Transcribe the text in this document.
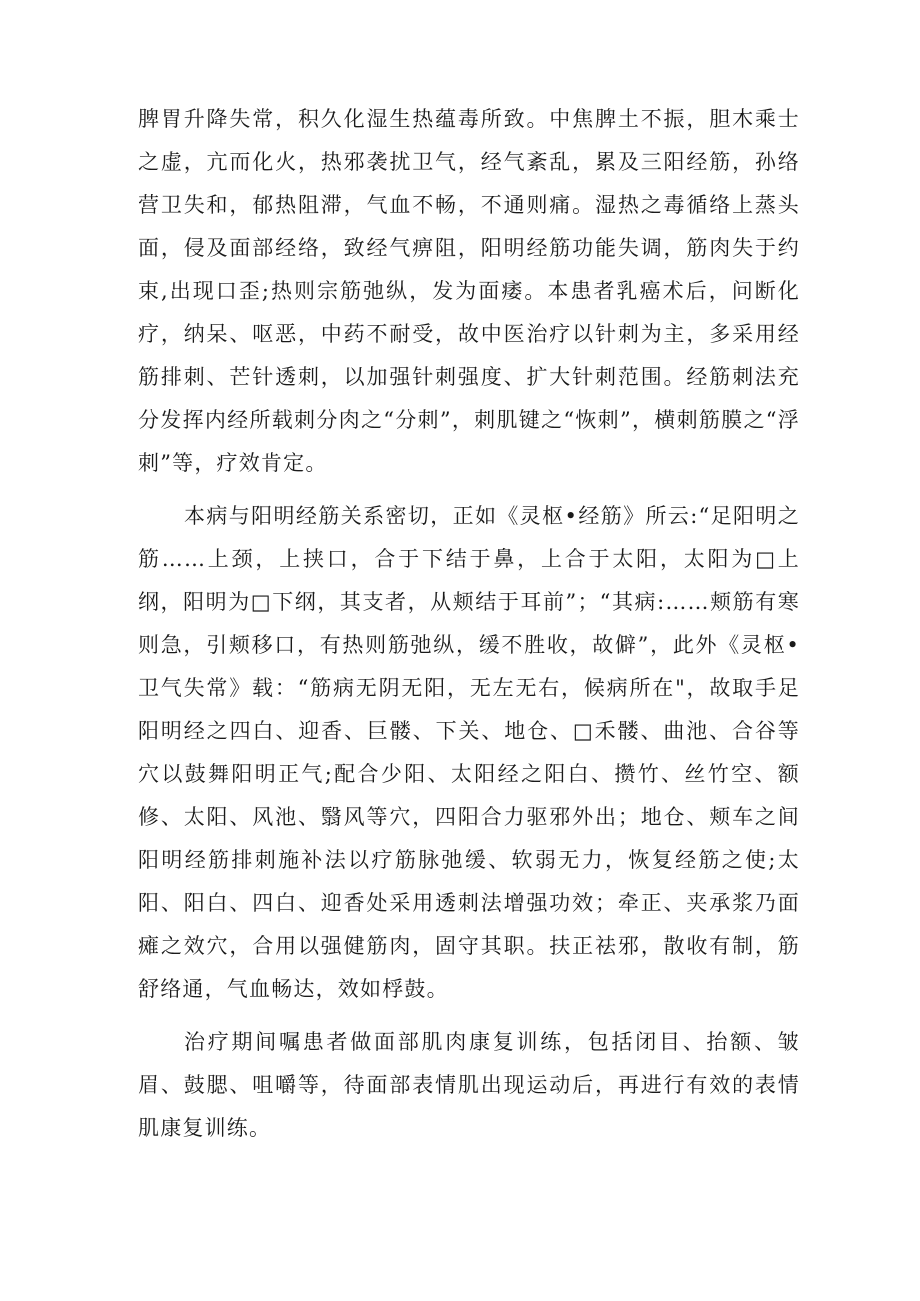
脾胃升降失常，积久化湿生热蕴毒所致。中焦脾土不振，胆木乘士之虚，亢而化火，热邪袭扰卫气，经气紊乱，累及三阳经筋，孙络营卫失和，郁热阻滞，气血不畅，不通则痛。湿热之毒循络上蒸头面，侵及面部经络，致经气痹阻，阳明经筋功能失调，筋肉失于约束,出现口歪;热则宗筋弛纵，发为面痿。本患者乳癌术后，问断化疗，纳呆、呕恶，中药不耐受，故中医治疗以针刺为主，多采用经筋排刺、芒针透刺，以加强针刺强度、扩大针刺范围。经筋刺法充分发挥内经所载刺分肉之“分刺”，刺肌键之“恢刺”，横刺筋膜之“浮刺”等，疗效肯定。

本病与阳明经筋关系密切，正如《灵枢•经筋》所云:“足阳明之筋……上颈，上挟口，合于下结于鼻，上合于太阳，太阳为□上纲，阳明为□下纲，其支者，从颊结于耳前”；“其病:……颊筋有寒则急，引颊移口，有热则筋弛纵，缓不胜收，故僻”，此外《灵枢•卫气失常》载：“筋病无阴无阳，无左无右，候病所在"，故取手足阳明经之四白、迎香、巨髅、下关、地仓、□禾髅、曲池、合谷等穴以鼓舞阳明正气;配合少阳、太阳经之阳白、攒竹、丝竹空、额修、太阳、风池、翳风等穴，四阳合力驱邪外出；地仓、颊车之间阳明经筋排刺施补法以疗筋脉弛缓、软弱无力，恢复经筋之使;太阳、阳白、四白、迎香处采用透刺法增强功效；牵正、夹承浆乃面瘫之效穴，合用以强健筋肉，固守其职。扶正祛邪，散收有制，筋舒络通，气血畅达，效如桴鼓。

治疗期间嘱患者做面部肌肉康复训练，包括闭目、抬额、皱眉、鼓腮、咀嚼等，待面部表情肌出现运动后，再进行有效的表情肌康复训练。
